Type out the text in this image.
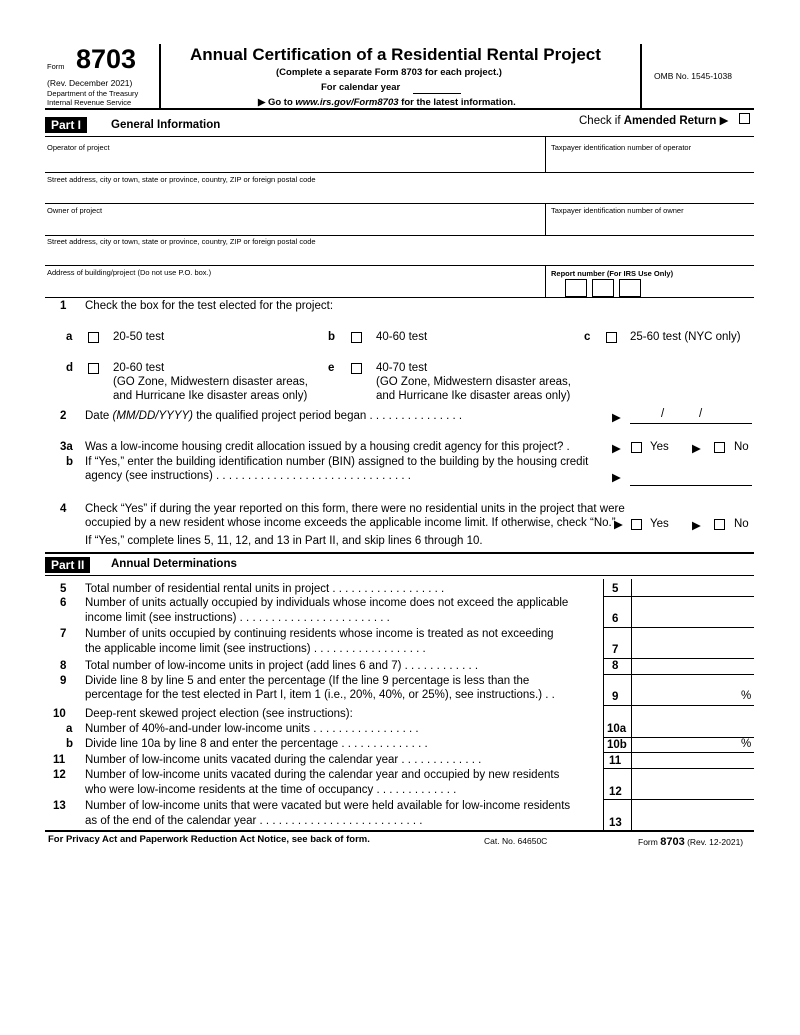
Form 8703
(Rev. December 2021)
Department of the Treasury
Internal Revenue Service
Annual Certification of a Residential Rental Project
(Complete a separate Form 8703 for each project.)
For calendar year
▶ Go to www.irs.gov/Form8703 for the latest information.
OMB No. 1545-1038
Part I	General Information	Check if Amended Return ▶
Operator of project	Taxpayer identification number of operator
Street address, city or town, state or province, country, ZIP or foreign postal code
Owner of project	Taxpayer identification number of owner
Street address, city or town, state or province, country, ZIP or foreign postal code
Address of building/project (Do not use P.O. box.)	Report number (For IRS Use Only)
1 Check the box for the test elected for the project:
a	20-50 test	b	40-60 test	c	25-60 test (NYC only)
d	20-60 test
(GO Zone, Midwestern disaster areas,
and Hurricane Ike disaster areas only)
e	40-70 test
(GO Zone, Midwestern disaster areas,
and Hurricane Ike disaster areas only)
2 Date (MM/DD/YYYY) the qualified project period began . . . . . . . . . . . . . . .	▶	/	/
3a Was a low-income housing credit allocation issued by a housing credit agency for this project? .	▶	Yes ▶	No
b If “Yes,” enter the building identification number (BIN) assigned to the building by the housing credit
agency (see instructions) . . . . . . . . . . . . . . . . . . . . . . . . . . . . . . .	▶
4 Check “Yes” if during the year reported on this form, there were no residential units in the project that were
occupied by a new resident whose income exceeds the applicable income limit. If otherwise, check “No.”
▶ Yes ▶	No
If “Yes,” complete lines 5, 11, 12, and 13 in Part II, and skip lines 6 through 10.
Part II	Annual Determinations
5 Total number of residential rental units in project . . . . . . . . . . . . . . . . . .	5
6 Number of units actually occupied by individuals whose income does not exceed the applicable
income limit (see instructions) . . . . . . . . . . . . . . . . . . . . . . . .	6
7 Number of units occupied by continuing residents whose income is treated as not exceeding
the applicable income limit (see instructions) . . . . . . . . . . . . . . . . . .	7
8 Total number of low-income units in project (add lines 6 and 7) . . . . . . . . . . . .	8
9 Divide line 8 by line 5 and enter the percentage (If the line 9 percentage is less than the
percentage for the test elected in Part I, item 1 (i.e., 20%, 40%, or 25%), see instructions.) . .	9	%
10 Deep-rent skewed project election (see instructions):
a Number of 40%-and-under low-income units . . . . . . . . . . . . . . . . .	10a
b Divide line 10a by line 8 and enter the percentage . . . . . . . . . . . . . .	10b	%
11 Number of low-income units vacated during the calendar year . . . . . . . . . . . . .	11
12 Number of low-income units vacated during the calendar year and occupied by new residents
who were low-income residents at the time of occupancy . . . . . . . . . . . . .	12
13 Number of low-income units that were vacated but were held available for low-income residents
as of the end of the calendar year . . . . . . . . . . . . . . . . . . . . . . . . . .	13
For Privacy Act and Paperwork Reduction Act Notice, see back of form.	Cat. No. 64650C	Form 8703 (Rev. 12-2021)
